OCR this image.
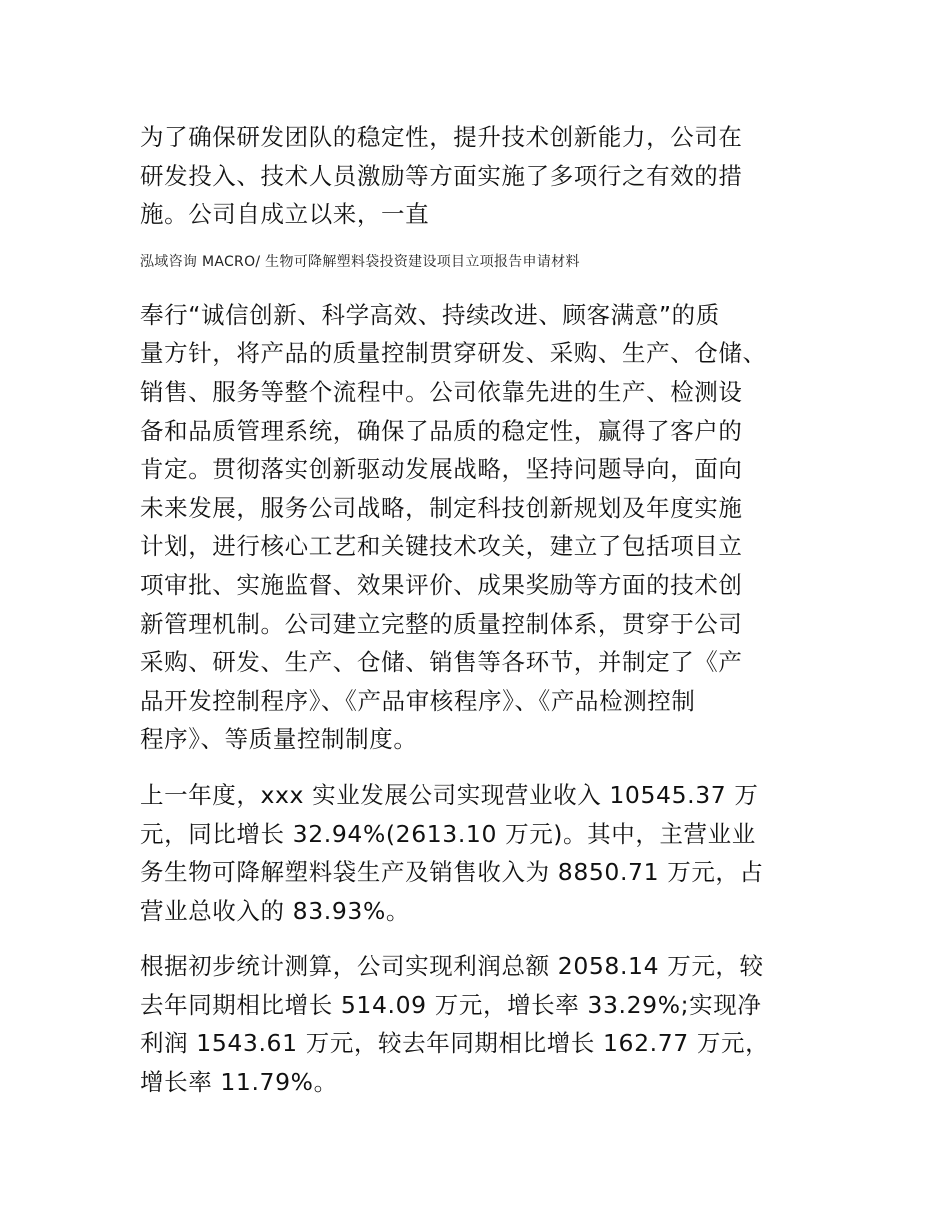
为了确保研发团队的稳定性，提升技术创新能力，公司在
研发投入、技术人员激励等方面实施了多项行之有效的措
施。公司自成立以来，一直

泓域咨询 MACRO/ 生物可降解塑料袋投资建设项目立项报告申请材料

奉行“诚信创新、科学高效、持续改进、顾客满意”的质
量方针，将产品的质量控制贯穿研发、采购、生产、仓储、
销售、服务等整个流程中。公司依靠先进的生产、检测设
备和品质管理系统，确保了品质的稳定性，赢得了客户的
肯定。贯彻落实创新驱动发展战略，坚持问题导向，面向
未来发展，服务公司战略，制定科技创新规划及年度实施
计划，进行核心工艺和关键技术攻关，建立了包括项目立
项审批、实施监督、效果评价、成果奖励等方面的技术创
新管理机制。公司建立完整的质量控制体系，贯穿于公司
采购、研发、生产、仓储、销售等各环节，并制定了《产
品开发控制程序》、《产品审核程序》、《产品检测控制
程序》、等质量控制制度。

上一年度，xxx 实业发展公司实现营业收入 10545.37 万
元，同比增长 32.94%(2613.10 万元)。其中，主营业业
务生物可降解塑料袋生产及销售收入为 8850.71 万元，占
营业总收入的 83.93%。

根据初步统计测算，公司实现利润总额 2058.14 万元，较
去年同期相比增长 514.09 万元，增长率 33.29%;实现净
利润 1543.61 万元，较去年同期相比增长 162.77 万元，
增长率 11.79%。
